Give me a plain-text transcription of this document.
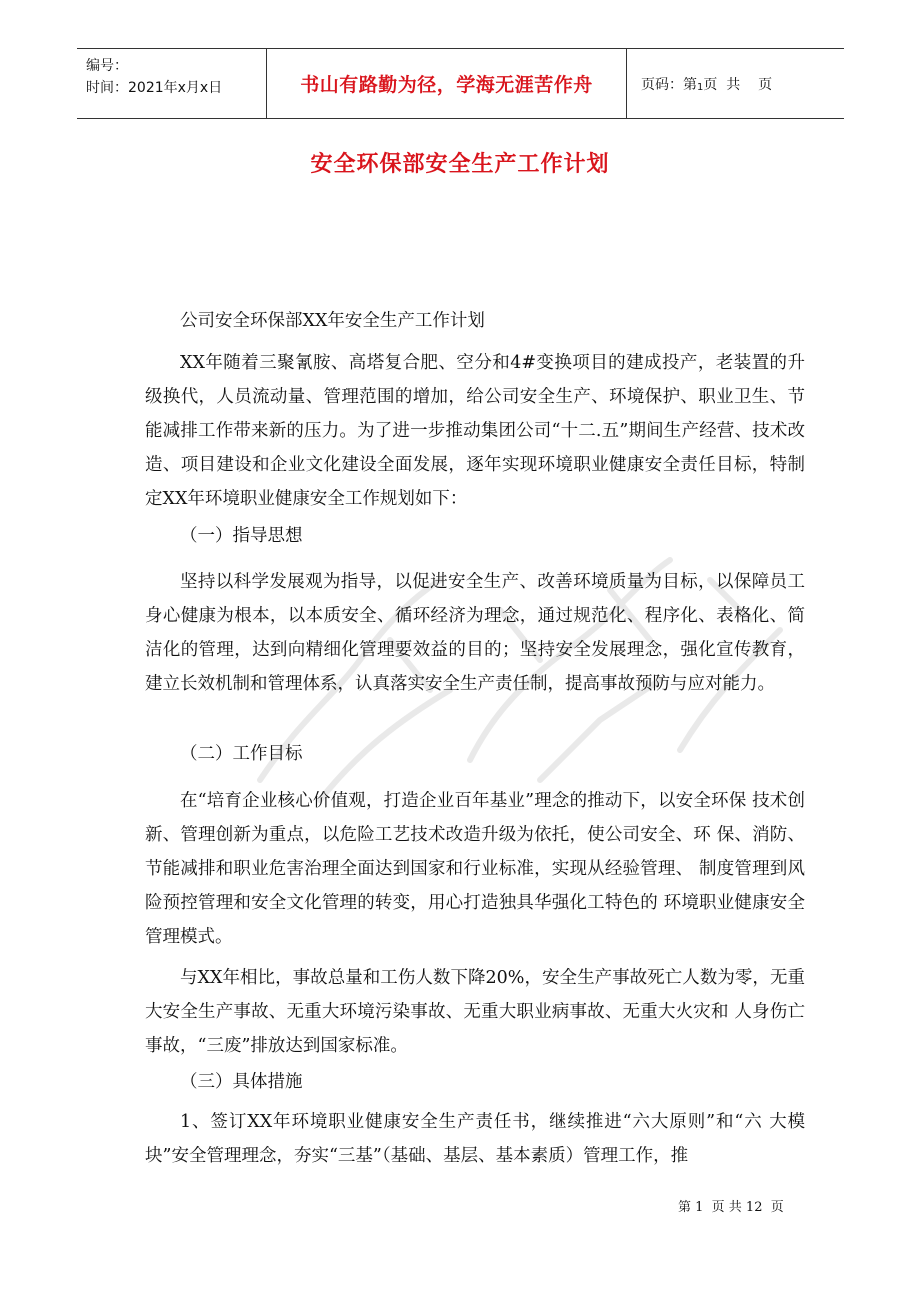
编号：
时间：2021年x月x日	书山有路勤为径，学海无涯苦作舟	页码：第 1 页  共    页
安全环保部安全生产工作计划
公司安全环保部XX年安全生产工作计划
XX年随着三聚氰胺、高塔复合肥、空分和4#变换项目的建成投产，老装置的升级换代，人员流动量、管理范围的增加，给公司安全生产、环境保护、职业卫生、节能减排工作带来新的压力。为了进一步推动集团公司“十二.五”期间生产经营、技术改造、项目建设和企业文化建设全面发展，逐年实现环境职业健康安全责任目标，特制定XX年环境职业健康安全工作规划如下：
（一）指导思想
坚持以科学发展观为指导，以促进安全生产、改善环境质量为目标，以保障员工身心健康为根本，以本质安全、循环经济为理念，通过规范化、程序化、表格化、简洁化的管理，达到向精细化管理要效益的目的；坚持安全发展理念，强化宣传教育，建立长效机制和管理体系，认真落实安全生产责任制，提高事故预防与应对能力。
（二）工作目标
在“培育企业核心价值观，打造企业百年基业”理念的推动下，以安全环保 技术创新、管理创新为重点，以危险工艺技术改造升级为依托，使公司安全、环 保、消防、节能减排和职业危害治理全面达到国家和行业标准，实现从经验管理、 制度管理到风险预控管理和安全文化管理的转变，用心打造独具华强化工特色的 环境职业健康安全管理模式。
与XX年相比，事故总量和工伤人数下降20%，安全生产事故死亡人数为零，无重大安全生产事故、无重大环境污染事故、无重大职业病事故、无重大火灾和 人身伤亡事故，“三废”排放达到国家标准。
（三）具体措施
1、签订XX年环境职业健康安全生产责任书，继续推进“六大原则”和“六 大模块”安全管理理念，夯实“三基”（基础、基层、基本素质）管理工作，推
第 1  页 共 12  页
